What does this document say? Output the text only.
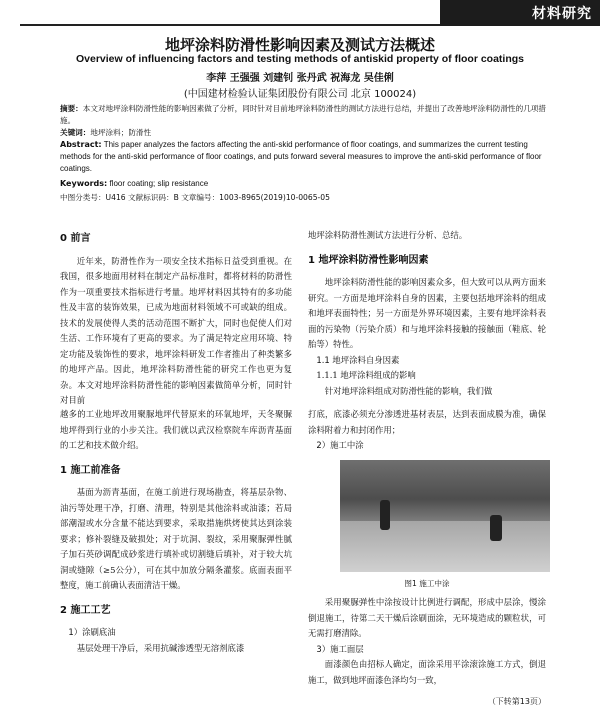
材料研究
地坪涂料防滑性影响因素及测试方法概述
Overview of influencing factors and testing methods of antiskid property of floor coatings
李萍 王强强 刘建钊 张丹武 祝海龙 吴佳俐
(中国建材检验认证集团股份有限公司 北京 100024)
摘要：本文对地坪涂料防滑性能的影响因素做了分析，同时针对目前地坪涂料防滑性的测试方法进行总结，并提出了改善地坪涂料防滑性的几项措施。
关键词：地坪涂料；防滑性
Abstract: This paper analyzes the factors affecting the anti-skid performance of floor coatings, and summarizes the current testing methods for the anti-skid performance of floor coatings, and puts forward several measures to improve the anti-skid performance of floor coatings.
Keywords: floor coating; slip resistance
中图分类号：U416 文献标识码：B 文章编号：1003-8965(2019)10-0065-05
0 前言

近年来，防滑性作为一项安全技术指标日益受到重视。在我国，很多地面用材料在制定产品标准时，都将材料的防滑性作为一项重要技术指标进行考量。地坪材料因其特有的多功能性及丰富的装饰效果，已成为地面材料领域不可或缺的组成。技术的发展使得人类的活动范围不断扩大，同时也促使人们对生活、工作环境有了更高的要求。为了满足特定应用环境、特定功能及装饰性的要求，地坪涂料研发工作者推出了种类繁多的地坪产品。因此，地坪涂料防滑性能的研究工作也更为复杂。本文对地坪涂料防滑性能的影响因素做简单分析，同时针对目前

地坪涂料防滑性测试方法进行分析、总结。

1 地坪涂料防滑性影响因素

地坪涂料防滑性能的影响因素众多，但大致可以从两方面来研究。一方面是地坪涂料自身的因素，主要包括地坪涂料的组成和地坪表面特性；另一方面是外界环境因素，主要有地坪涂料表面的污染物（污染介质）和与地坪涂料接触的接触面（鞋底、轮胎等）特性。

1.1 地坪涂料自身因素
1.1.1 地坪涂料组成的影响

针对地坪涂料组成对防滑性能的影响，我们做

越多的工业地坪改用聚脲地坪代替原来的环氧地坪，天冬聚脲地坪得到行业的小步关注。我们就以武汉检察院车库沥青基面的工艺和技术做介绍。

1 施工前准备

基面为沥青基面，在施工前进行现场勘查，将基层杂物、油污等处理干净，打磨、清理，特别是其他涂料或油漆；若局部潮湿或水分含量不能达到要求，采取措施烘烤使其达到涂装要求；修补裂缝及破损处；对于坑洞、裂纹，采用聚脲弹性腻子加石英砂调配成砂浆进行填补或切割缝后填补，对于较大坑洞或缝隙（≥5公分），可在其中加放分隔条灌浆。底面表面平整度，施工前确认表面清洁干燥。

2 施工工艺
1）涂刷底油

基层处理干净后，采用抗碱渗透型无溶剂底漆

打底，底漆必须充分渗透进基材表层，达到表面成膜为准，确保涂料附着力和封闭作用；

2）施工中涂
图1 施工中涂

采用聚脲弹性中涂按设计比例进行调配，形成中层涂，慢涂倒退施工，待第二天干燥后涂刷面涂，无环境造成的颗粒状，可无需打磨清除。

3）施工面层

面漆颜色由招标人确定，面涂采用平涂滚涂施工方式，倒退施工，做到地坪面漆色泽均匀一致，

（下转第13页）
